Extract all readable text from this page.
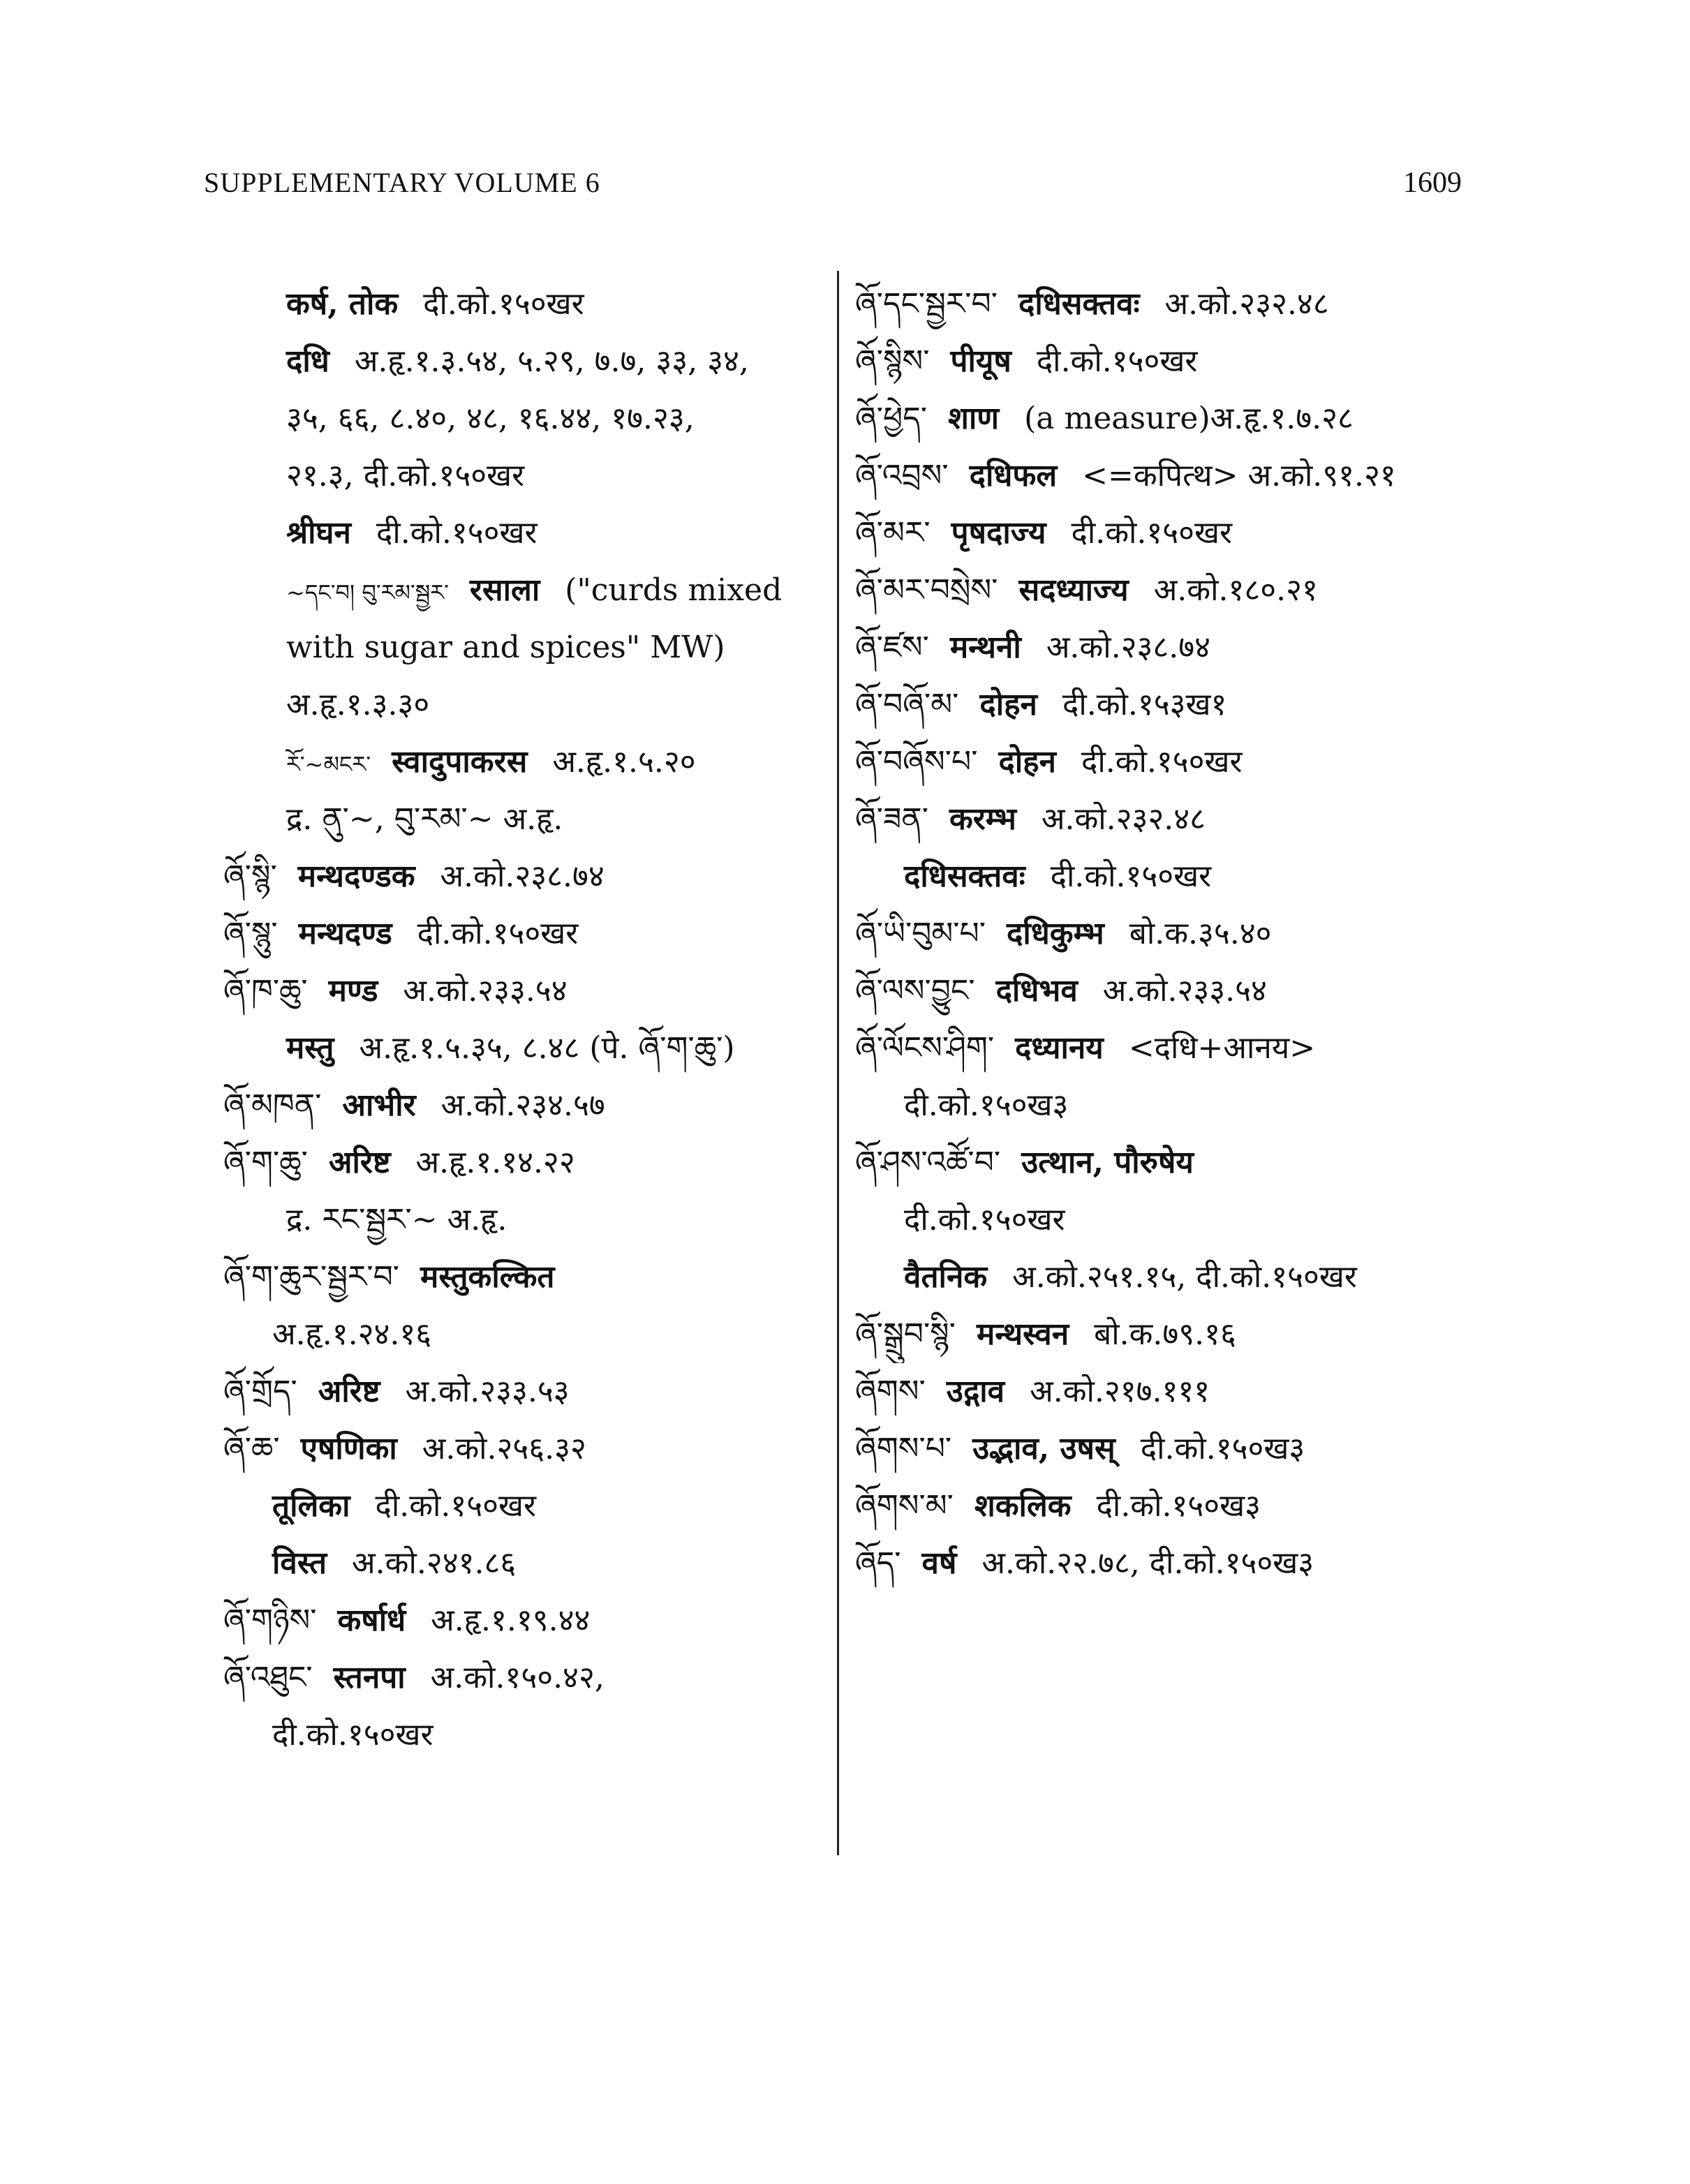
SUPPLEMENTARY VOLUME 6	1609
कर्ष, तोक दी.को.१५०खर
दधि अ.हृ.१.३.५४, ५.२९, ७.७, ३३, ३४,
३५, ६६, ८.४०, ४८, १६.४४, १७.२३,
२१.३, दी.को.१५०खर
श्रीघन दी.को.१५०खर
~དང་བ། བུ་རམ་སྦྱར་ रसाला ("curds mixed
with sugar and spices" MW)
अ.हृ.१.३.३०
རོ་~མངར་ स्वादुपाकरस अ.हृ.१.५.२०
द्र. ནུ་~, བུ་རམ་~ अ.हृ.
ཞོ་སྙི་ मन्थदण्डक अ.को.२३८.७४
ཞོ་སྙུ་ मन्थदण्ड दी.को.१५०खर
ཞོ་ཁ་ཆུ་ मण्ड अ.को.२३३.५४
मस्तु अ.हृ.१.५.३५, ८.४८ (पे. ཞོ་ག་ཆུ་)
ཞོ་མཁན་ आभीर अ.को.२३४.५७
ཞོ་ག་ཆུ་ अरिष्ट अ.हृ.१.१४.२२
द्र. རང་སྦྱར་~ अ.हृ.
ཞོ་ག་ཆུར་སྦྱར་བ་ मस्तुकल्कित
अ.हृ.१.२४.१६
ཞོ་གྲོད་ अरिष्ट अ.को.२३३.५३
ཞོ་ཆ་ एषणिका अ.को.२५६.३२
तूलिका दी.को.१५०खर
विस्त अ.को.२४१.८६
ཞོ་གཉིས་ कर्षार्ध अ.हृ.१.१९.४४
ཞོ་འཐུང་ स्तनपा अ.को.१५०.४२,
दी.को.१५०खर
ཞོ་དང་སྦྱར་བ་ दधिसक्तवः अ.को.२३२.४८
ཞོ་སྙིས་ पीयूष दी.को.१५०खर
ཞོ་ཕྱེད་ शाण (a measure)अ.हृ.१.७.२८
ཞོ་འབྲས་ दधिफल <=कपित्थ> अ.को.९१.२१
ཞོ་མར་ पृषदाज्य दी.को.१५०खर
ཞོ་མར་བསྲེས་ सदध्याज्य अ.को.१८०.२१
ཞོ་ཛས་ मन्थनी अ.को.२३८.७४
ཞོ་བཞོ་མ་ दोहन दी.को.१५३ख१
ཞོ་བཞོས་པ་ दोहन दी.को.१५०खर
ཞོ་ཟན་ करम्भ अ.को.२३२.४८
दधिसक्तवः दी.को.१५०खर
ཞོ་ཡི་བུམ་པ་ दधिकुम्भ बो.क.३५.४०
ཞོ་ལས་བྱུང་ दधिभव अ.को.२३३.५४
ཞོ་ལོངས་ཤིག་ दध्यानय <दधि+आनय>
दी.को.१५०ख३
ཞོ་ཤས་འཚོ་བ་ उत्थान, पौरुषेय
दी.को.१५०खर
वैतनिक अ.को.२५१.१५, दी.को.१५०खर
ཞོ་སྒྲུབ་སྙི་ मन्थस्वन बो.क.७९.१६
ཞོགས་ उद्गाव अ.को.२१७.१११
ཞོགས་པ་ उद्भाव, उषस् दी.को.१५०ख३
ཞོགས་མ་ शकलिक दी.को.१५०ख३
ཞོད་ वर्ष अ.को.२२.७८, दी.को.१५०ख३
